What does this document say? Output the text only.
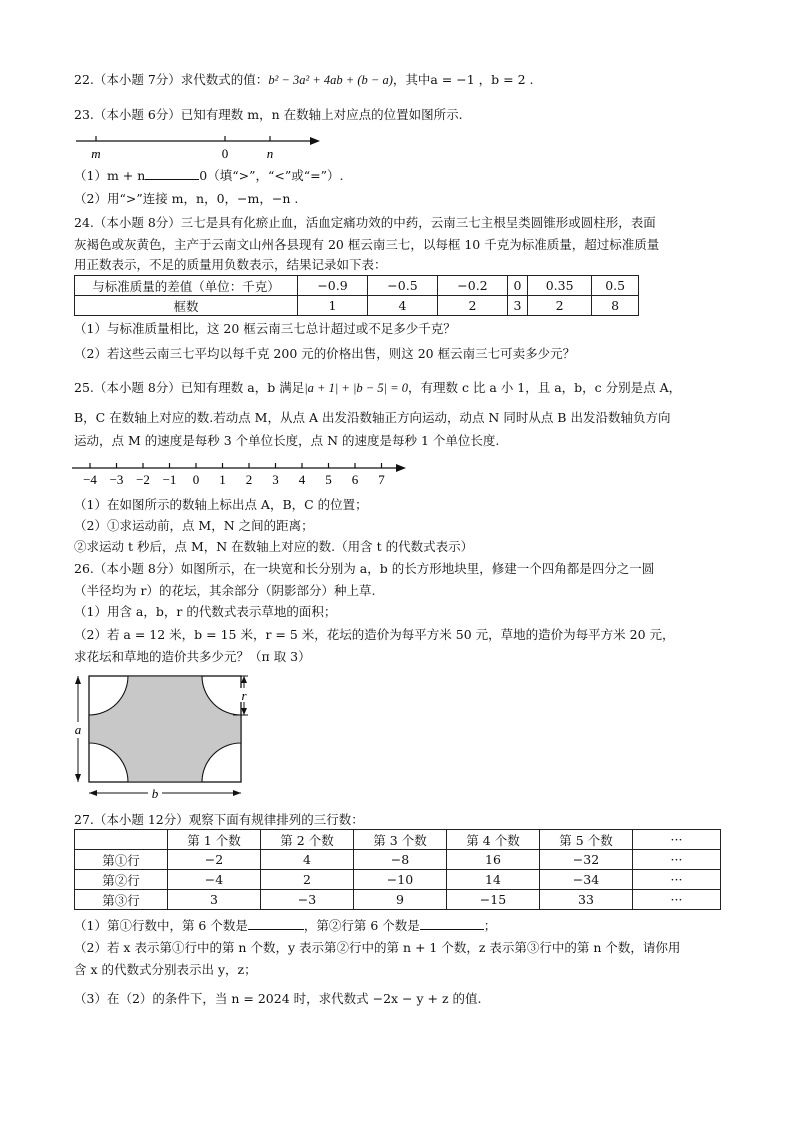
22.（本小题 7分）求代数式的值：b² − 3a² + 4ab + (b − a)，其中a = −1 ，b = 2 .
23.（本小题 6分）已知有理数 m，n 在数轴上对应点的位置如图所示.
m	0	n
（1）m + n	0（填“>”，“<”或“=”）.
（2）用“>”连接 m，n，0，−m，−n .
24.（本小题 8分）三七是具有化瘀止血，活血定痛功效的中药，云南三七主根呈类圆锥形或圆柱形，表面
灰褐色或灰黄色，主产于云南文山州各县现有 20 框云南三七，以每框 10 千克为标准质量，超过标准质量
用正数表示，不足的质量用负数表示，结果记录如下表：
与标准质量的差值（单位：千克）	−0.9	−0.5	−0.2	0	0.35	0.5
框数	1	4	2	3	2	8
（1）与标准质量相比，这 20 框云南三七总计超过或不足多少千克？
（2）若这些云南三七平均以每千克 200 元的价格出售，则这 20 框云南三七可卖多少元？
25.（本小题 8分）已知有理数 a，b 满足|a + 1| + |b − 5| = 0，有理数 c 比 a 小 1，且 a，b，c 分别是点 A，
B，C 在数轴上对应的数.若动点 M，从点 A 出发沿数轴正方向运动，动点 N 同时从点 B 出发沿数轴负方向
运动，点 M 的速度是每秒 3 个单位长度，点 N 的速度是每秒 1 个单位长度.
−4 −3 −2 −1 0 1 2 3 4 5 6 7
（1）在如图所示的数轴上标出点 A，B，C 的位置；
（2）①求运动前，点 M，N 之间的距离；
②求运动 t 秒后，点 M，N 在数轴上对应的数.（用含 t 的代数式表示）
26.（本小题 8分）如图所示，在一块宽和长分别为 a，b 的长方形地块里，修建一个四角都是四分之一圆
（半径均为 r）的花坛，其余部分（阴影部分）种上草.
（1）用含 a，b，r 的代数式表示草地的面积；
（2）若 a = 12 米，b = 15 米，r = 5 米，花坛的造价为每平方米 50 元，草地的造价为每平方米 20 元，
求花坛和草地的造价共多少元？（π 取 3）
a
b
r
27.（本小题 12分）观察下面有规律排列的三行数：
	第 1 个数	第 2 个数	第 3 个数	第 4 个数	第 5 个数	···
第①行	−2	4	−8	16	−32	···
第②行	−4	2	−10	14	−34	···
第③行	3	−3	9	−15	33	···
（1）第①行数中，第 6 个数是	，第②行第 6 个数是	；
（2）若 x 表示第①行中的第 n 个数，y 表示第②行中的第 n + 1 个数，z 表示第③行中的第 n 个数，请你用
含 x 的代数式分别表示出 y，z；
（3）在（2）的条件下，当 n = 2024 时，求代数式 −2x − y + z 的值.
